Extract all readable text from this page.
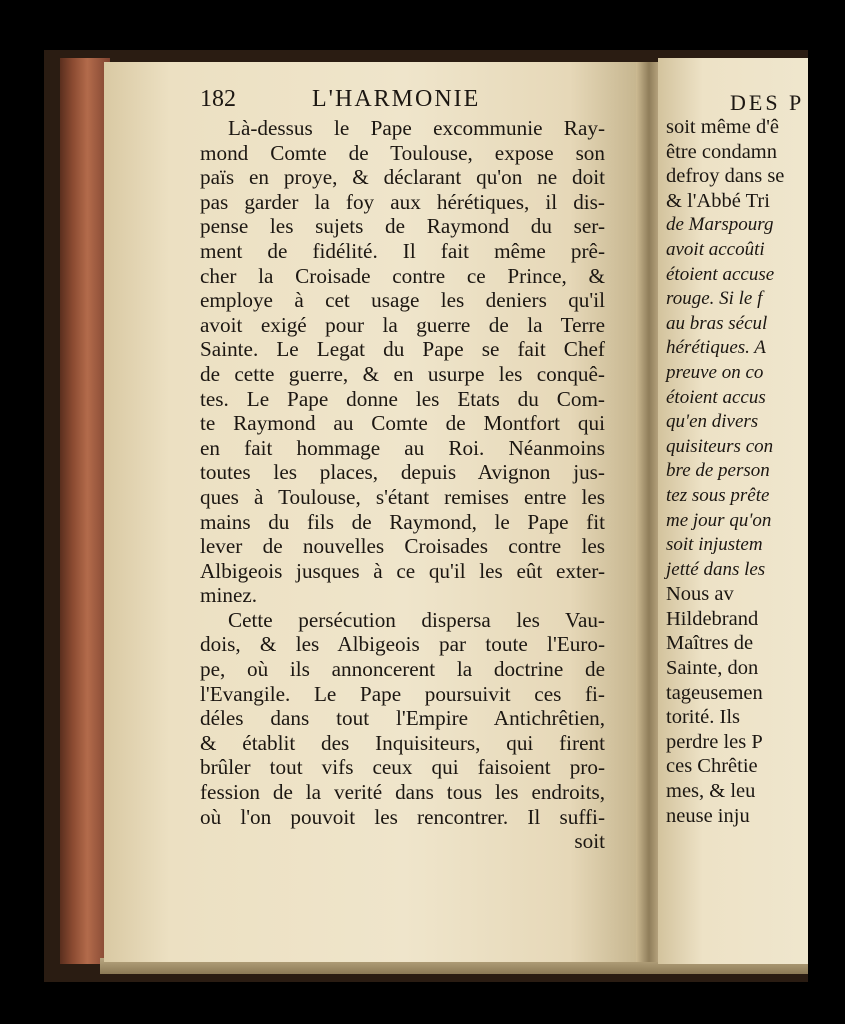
182	L'HARMONIE
Là-dessus le Pape excommunie Ray-
mond Comte de Toulouse, expose son
païs en proye, & déclarant qu'on ne doit
pas garder la foy aux hérétiques, il dis-
pense les sujets de Raymond du ser-
ment de fidélité. Il fait même prê-
cher la Croisade contre ce Prince, &
employe à cet usage les deniers qu'il
avoit exigé pour la guerre de la Terre
Sainte. Le Legat du Pape se fait Chef
de cette guerre, & en usurpe les conquê-
tes. Le Pape donne les Etats du Com-
te Raymond au Comte de Montfort qui
en fait hommage au Roi. Néanmoins
toutes les places, depuis Avignon jus-
ques à Toulouse, s'étant remises entre les
mains du fils de Raymond, le Pape fit
lever de nouvelles Croisades contre les
Albigeois jusques à ce qu'il les eût exter-
minez.
Cette persécution dispersa les Vau-
dois, & les Albigeois par toute l'Euro-
pe, où ils annoncerent la doctrine de
l'Evangile. Le Pape poursuivit ces fi-
déles dans tout l'Empire Antichrêtien,
& établit des Inquisiteurs, qui firent
brûler tout vifs ceux qui faisoient pro-
fession de la verité dans tous les endroits,
où l'on pouvoit les rencontrer. Il suffi-
soit
DES P
soit même d'ê
être condamn
defroy dans se
& l'Abbé Tri
de Marspourg
avoit accoûti
étoient accuse
rouge. Si le f
au bras sécul
hérétiques. A
preuve on co
étoient accus
qu'en divers
quisiteurs con
bre de person
tez sous prête
me jour qu'on
soit injustem
jetté dans les
Nous av
Hildebrand
Maîtres de
Sainte, don
tageusemen
torité. Ils
perdre les P
ces Chrêtie
mes, & leu
neuse inju
